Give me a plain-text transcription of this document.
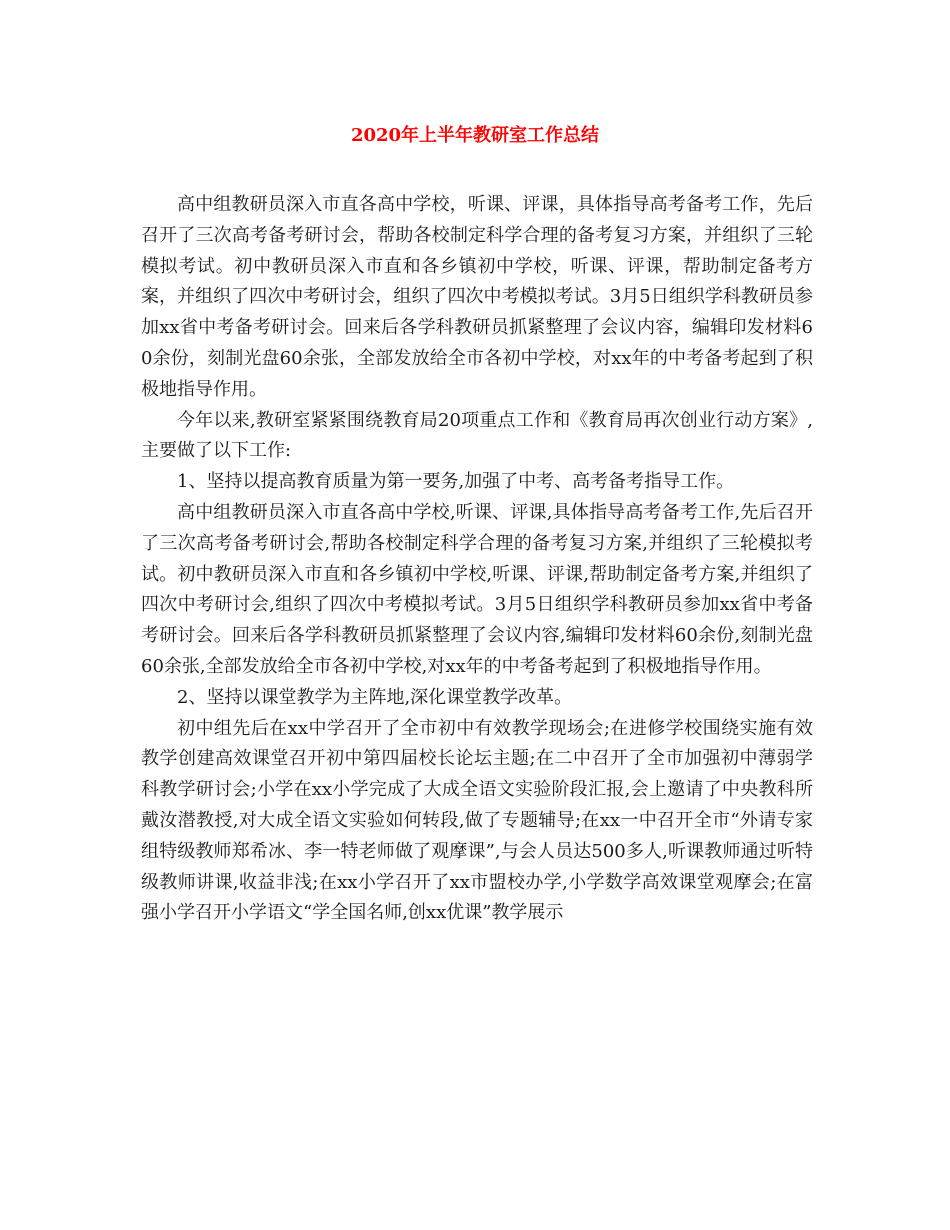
2020年上半年教研室工作总结

高中组教研员深入市直各高中学校，听课、评课，具体指导高考备考工作，先后召开了三次高考备考研讨会，帮助各校制定科学合理的备考复习方案，并组织了三轮模拟考试。初中教研员深入市直和各乡镇初中学校，听课、评课，帮助制定备考方案，并组织了四次中考研讨会，组织了四次中考模拟考试。3月5日组织学科教研员参加xx省中考备考研讨会。回来后各学科教研员抓紧整理了会议内容，编辑印发材料60余份，刻制光盘60余张，全部发放给全市各初中学校，对xx年的中考备考起到了积极地指导作用。

今年以来,教研室紧紧围绕教育局20项重点工作和《教育局再次创业行动方案》,主要做了以下工作:

1、坚持以提高教育质量为第一要务,加强了中考、高考备考指导工作。

高中组教研员深入市直各高中学校,听课、评课,具体指导高考备考工作,先后召开了三次高考备考研讨会,帮助各校制定科学合理的备考复习方案,并组织了三轮模拟考试。初中教研员深入市直和各乡镇初中学校,听课、评课,帮助制定备考方案,并组织了四次中考研讨会,组织了四次中考模拟考试。3月5日组织学科教研员参加xx省中考备考研讨会。回来后各学科教研员抓紧整理了会议内容,编辑印发材料60余份,刻制光盘60余张,全部发放给全市各初中学校,对xx年的中考备考起到了积极地指导作用。

2、坚持以课堂教学为主阵地,深化课堂教学改革。

初中组先后在xx中学召开了全市初中有效教学现场会;在进修学校围绕实施有效教学创建高效课堂召开初中第四届校长论坛主题;在二中召开了全市加强初中薄弱学科教学研讨会;小学在xx小学完成了大成全语文实验阶段汇报,会上邀请了中央教科所戴汝潜教授,对大成全语文实验如何转段,做了专题辅导;在xx一中召开全市“外请专家组特级教师郑希冰、李一特老师做了观摩课”,与会人员达500多人,听课教师通过听特级教师讲课,收益非浅;在xx小学召开了xx市盟校办学,小学数学高效课堂观摩会;在富强小学召开小学语文“学全国名师,创xx优课”教学展示
